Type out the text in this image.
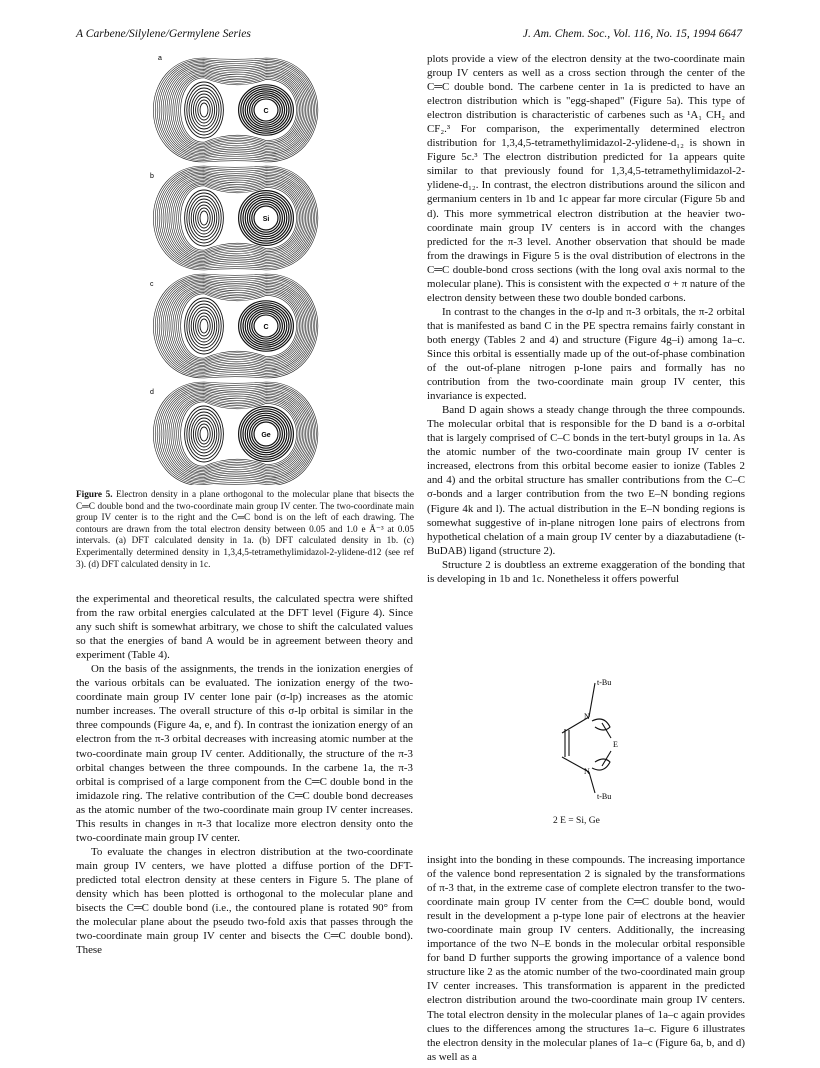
A Carbene/Silylene/Germylene Series	J. Am. Chem. Soc., Vol. 116, No. 15, 1994 6647
a
C
b
Si
c
C
d
Ge
Figure 5. Electron density in a plane orthogonal to the molecular plane that bisects the C═C double bond and the two-coordinate main group IV center. The two-coordinate main group IV center is to the right and the C═C bond is on the left of each drawing. The contours are drawn from the total electron density between 0.05 and 1.0 e Å⁻³ at 0.05 intervals. (a) DFT calculated density in 1a. (b) DFT calculated density in 1b. (c) Experimentally determined density in 1,3,4,5-tetramethylimidazol-2-ylidene-d12 (see ref 3). (d) DFT calculated density in 1c.

the experimental and theoretical results, the calculated spectra were shifted from the raw orbital energies calculated at the DFT level (Figure 4). Since any such shift is somewhat arbitrary, we chose to shift the calculated values so that the energies of band A would be in agreement between theory and experiment (Table 4).

On the basis of the assignments, the trends in the ionization energies of the various orbitals can be evaluated. The ionization energy of the two-coordinate main group IV center lone pair (σ-lp) increases as the atomic number increases. The overall structure of this σ-lp orbital is similar in the three compounds (Figure 4a, e, and f). In contrast the ionization energy of an electron from the π-3 orbital decreases with increasing atomic number at the two-coordinate main group IV center. Additionally, the structure of the π-3 orbital changes between the three compounds. In the carbene 1a, the π-3 orbital is comprised of a large component from the C═C double bond in the imidazole ring. The relative contribution of the C═C double bond decreases as the atomic number of the two-coordinate main group IV center increases. This results in changes in π-3 that localize more electron density onto the two-coordinate main group IV center.

To evaluate the changes in electron distribution at the two-coordinate main group IV centers, we have plotted a diffuse portion of the DFT-predicted total electron density at these centers in Figure 5. The plane of density which has been plotted is orthogonal to the molecular plane and bisects the C═C double bond (i.e., the contoured plane is rotated 90° from the molecular plane about the pseudo two-fold axis that passes through the two-coordinate main group IV center and bisects the C═C double bond). These

plots provide a view of the electron density at the two-coordinate main group IV centers as well as a cross section through the center of the C═C double bond. The carbene center in 1a is predicted to have an electron distribution which is "egg-shaped" (Figure 5a). This type of electron distribution is characteristic of carbenes such as ¹A₁ CH₂ and CF₂.³ For comparison, the experimentally determined electron distribution for 1,3,4,5-tetramethylimidazol-2-ylidene-d₁₂ is shown in Figure 5c.³ The electron distribution predicted for 1a appears quite similar to that previously found for 1,3,4,5-tetramethylimidazol-2-ylidene-d₁₂. In contrast, the electron distributions around the silicon and germanium centers in 1b and 1c appear far more circular (Figure 5b and d). This more symmetrical electron distribution at the heavier two-coordinate main group IV centers is in accord with the changes predicted for the π-3 level. Another observation that should be made from the drawings in Figure 5 is the oval distribution of electrons in the C═C double-bond cross sections (with the long oval axis normal to the molecular plane). This is consistent with the expected σ + π nature of the electron density between these two double bonded carbons.

In contrast to the changes in the σ-lp and π-3 orbitals, the π-2 orbital that is manifested as band C in the PE spectra remains fairly constant in both energy (Tables 2 and 4) and structure (Figure 4g–i) among 1a–c. Since this orbital is essentially made up of the out-of-phase combination of the out-of-plane nitrogen p-lone pairs and formally has no contribution from the two-coordinate main group IV center, this invariance is expected.

Band D again shows a steady change through the three compounds. The molecular orbital that is responsible for the D band is a σ-orbital that is largely comprised of C–C bonds in the tert-butyl groups in 1a. As the atomic number of the two-coordinate main group IV center is increased, electrons from this orbital become easier to ionize (Tables 2 and 4) and the orbital structure has smaller contributions from the C–C σ-bonds and a larger contribution from the two E–N bonding regions (Figure 4k and l). The actual distribution in the E–N bonding regions is somewhat suggestive of in-plane nitrogen lone pairs of electrons from hypothetical chelation of a main group IV center by a diazabutadiene (t-BuDAB) ligand (structure 2).

Structure 2 is doubtless an extreme exaggeration of the bonding that is developing in 1b and 1c. Nonetheless it offers powerful

t-Bu
N
N
E
t-Bu
2 E = Si, Ge

insight into the bonding in these compounds. The increasing importance of the valence bond representation 2 is signaled by the transformations of π-3 that, in the extreme case of complete electron transfer to the two-coordinate main group IV center from the C═C double bond, would result in the development a p-type lone pair of electrons at the heavier two-coordinate main group IV centers. Additionally, the increasing importance of the two N–E bonds in the molecular orbital responsible for band D further supports the growing importance of a valence bond structure like 2 as the atomic number of the two-coordinated main group IV center increases. This transformation is apparent in the predicted electron distribution around the two-coordinate main group IV centers. The total electron density in the molecular planes of 1a–c again provides clues to the differences among the structures 1a–c. Figure 6 illustrates the electron density in the molecular planes of 1a–c (Figure 6a, b, and d) as well as a
